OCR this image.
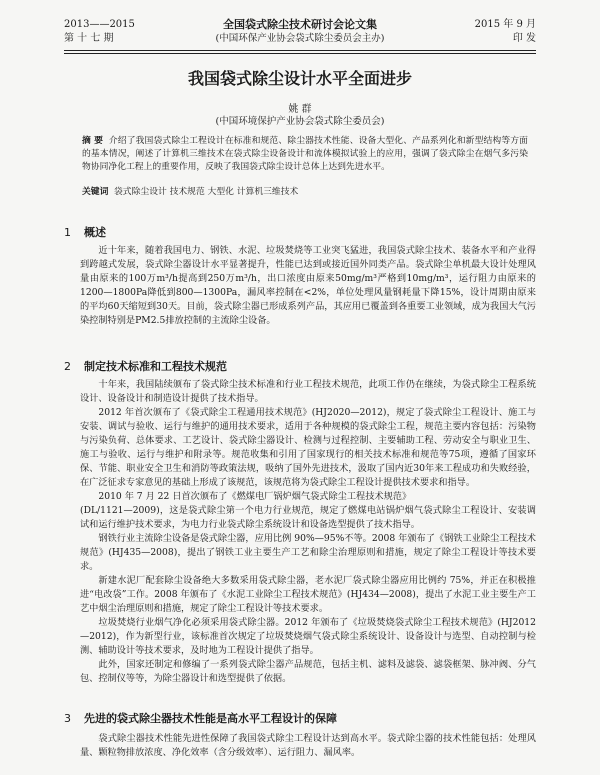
2013——2015
第 十 七 期
全国袋式除尘技术研讨会论文集
(中国环保产业协会袋式除尘委员会主办)
2015 年 9 月
印 发
我国袋式除尘设计水平全面进步
姚 群
(中国环境保护产业协会袋式除尘委员会)
摘 要 介绍了我国袋式除尘工程设计在标准和规范、除尘器技术性能、设备大型化、产品系列化和新型结构等方面的基本情况，阐述了计算机三维技术在袋式除尘设备设计和流体模拟试验上的应用，强调了袋式除尘在烟气多污染物协同净化工程上的重要作用，反映了我国袋式除尘设计总体上达到先进水平。
关键词 袋式除尘设计 技术规范 大型化 计算机三维技术
1 概述

近十年来，随着我国电力、钢铁、水泥、垃圾焚烧等工业突飞猛进，我国袋式除尘技术、装备水平和产业得到跨越式发展，袋式除尘器设计水平显著提升，性能已达到或接近国外同类产品。袋式除尘单机最大设计处理风量由原来的100万m³/h提高到250万m³/h，出口浓度由原来50mg/m³严格到10mg/m³，运行阻力由原来的1200—1800Pa降低到800—1300Pa，漏风率控制在<2%，单位处理风量钢耗量下降15%，设计周期由原来的平均60天缩短到30天。目前，袋式除尘器已形成系列产品，其应用已覆盖到各重要工业领域，成为我国大气污染控制特别是PM2.5排放控制的主流除尘设备。

2 制定技术标准和工程技术规范

十年来，我国陆续颁布了袋式除尘技术标准和行业工程技术规范，此项工作仍在继续，为袋式除尘工程系统设计、设备设计和制造设计提供了技术指导。

2012 年首次颁布了《袋式除尘工程通用技术规范》(HJ2020—2012)，规定了袋式除尘工程设计、施工与安装、调试与验收、运行与维护的通用技术要求，适用于各种规模的袋式除尘工程，规范主要内容包括：污染物与污染负荷、总体要求、工艺设计、袋式除尘器设计、检测与过程控制、主要辅助工程、劳动安全与职业卫生、施工与验收、运行与维护和附录等。规范收集和引用了国家现行的相关技术标准和规范等75项，遵循了国家环保、节能、职业安全卫生和消防等政策法规，吸纳了国外先进技术，汲取了国内近30年来工程成功和失败经验，在广泛征求专家意见的基础上形成了该规范，该规范将为袋式除尘工程设计提供技术要求和指导。

2010 年 7 月 22 日首次颁布了《燃煤电厂锅炉烟气袋式除尘工程技术规范》

(DL/1121—2009)，这是袋式除尘第一个电力行业规范，规定了燃煤电站锅炉烟气袋式除尘工程设计、安装调试和运行维护技术要求，为电力行业袋式除尘系统设计和设备选型提供了技术指导。

钢铁行业主流除尘设备是袋式除尘器，应用比例 90%—95%不等。2008 年颁布了《钢铁工业除尘工程技术规范》(HJ435—2008)，提出了钢铁工业主要生产工艺和除尘治理原则和措施，规定了除尘工程设计等技术要求。

新建水泥厂配套除尘设备绝大多数采用袋式除尘器，老水泥厂袋式除尘器应用比例约 75%，并正在积极推进“电改袋”工作。2008 年颁布了《水泥工业除尘工程技术规范》(HJ434—2008)，提出了水泥工业主要生产工艺中烟尘治理原则和措施，规定了除尘工程设计等技术要求。

垃圾焚烧行业烟气净化必须采用袋式除尘器。2012 年颁布了《垃圾焚烧袋式除尘工程技术规范》(HJ2012—2012)，作为新型行业，该标准首次规定了垃圾焚烧烟气袋式除尘系统设计、设备设计与选型、自动控制与检测、辅助设计等技术要求，及时地为工程设计提供了指导。

此外，国家还制定和修编了一系列袋式除尘器产品规范，包括主机、滤料及滤袋、滤袋框架、脉冲阀、分气包、控制仪等等，为除尘器设计和选型提供了依据。

3 先进的袋式除尘器技术性能是高水平工程设计的保障

袋式除尘器技术性能先进性保障了我国袋式除尘工程设计达到高水平。袋式除尘器的技术性能包括：处理风量、颗粒物排放浓度、净化效率（含分级效率）、运行阻力、漏风率。
